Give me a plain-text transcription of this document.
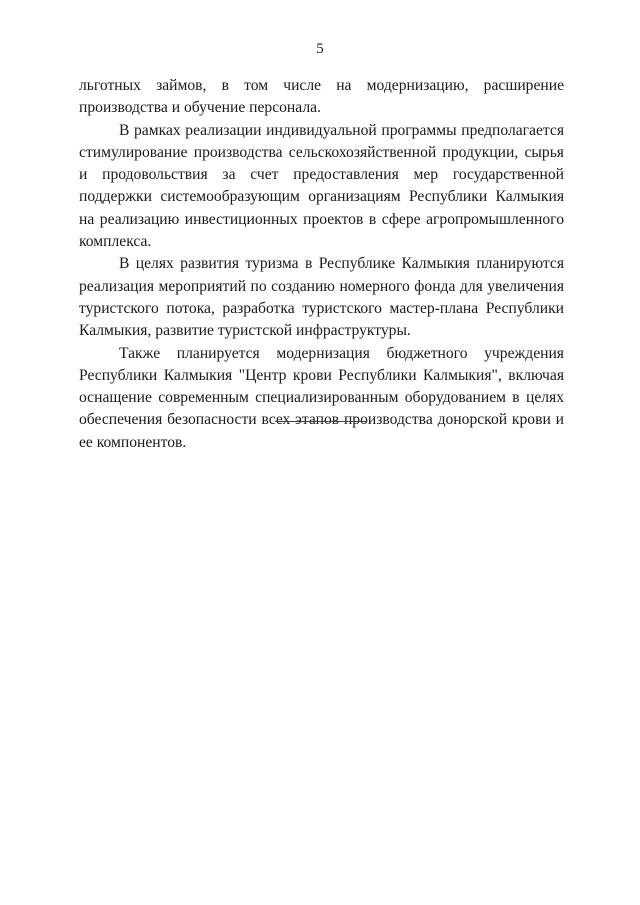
5

льготных займов, в том числе на модернизацию, расширение производства и обучение персонала.

В рамках реализации индивидуальной программы предполагается стимулирование производства сельскохозяйственной продукции, сырья и продовольствия за счет предоставления мер государственной поддержки системообразующим организациям Республики Калмыкия на реализацию инвестиционных проектов в сфере агропромышленного комплекса.

В целях развития туризма в Республике Калмыкия планируются реализация мероприятий по созданию номерного фонда для увеличения туристского потока, разработка туристского мастер-плана Республики Калмыкия, развитие туристской инфраструктуры.

Также планируется модернизация бюджетного учреждения Республики Калмыкия "Центр крови Республики Калмыкия", включая оснащение современным специализированным оборудованием в целях обеспечения безопасности всех этапов производства донорской крови и ее компонентов.
